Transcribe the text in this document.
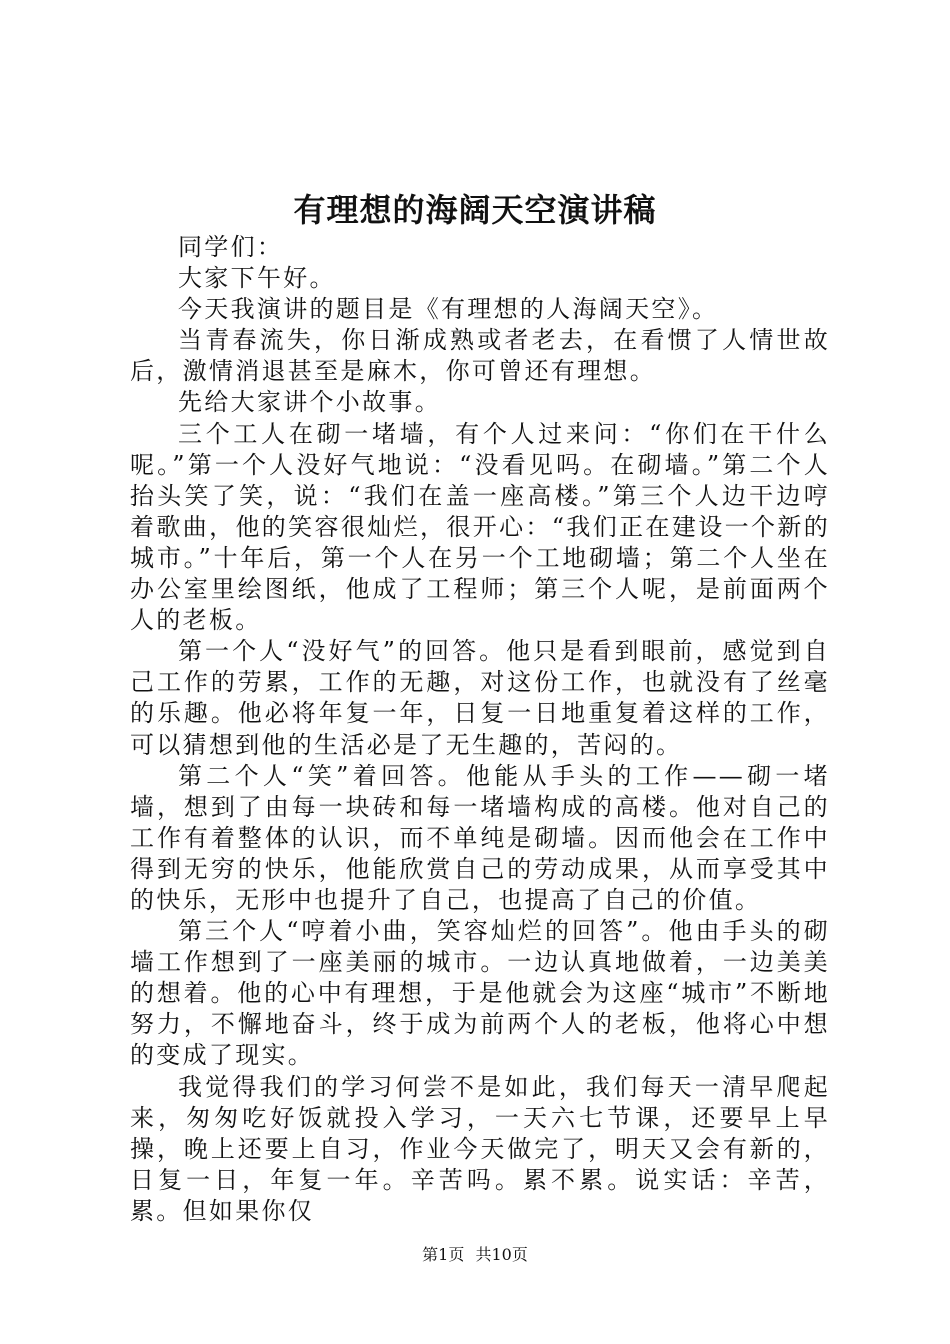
有理想的海阔天空演讲稿

同学们：

大家下午好。

今天我演讲的题目是《有理想的人海阔天空》。

当青春流失，你日渐成熟或者老去，在看惯了人情世故后，激情消退甚至是麻木，你可曾还有理想。

先给大家讲个小故事。

三个工人在砌一堵墙，有个人过来问：“你们在干什么呢。”第一个人没好气地说：“没看见吗。在砌墙。”第二个人抬头笑了笑，说：“我们在盖一座高楼。”第三个人边干边哼着歌曲，他的笑容很灿烂，很开心：“我们正在建设一个新的城市。”十年后，第一个人在另一个工地砌墙；第二个人坐在办公室里绘图纸，他成了工程师；第三个人呢，是前面两个人的老板。

第一个人“没好气”的回答。他只是看到眼前，感觉到自己工作的劳累，工作的无趣，对这份工作，也就没有了丝毫的乐趣。他必将年复一年，日复一日地重复着这样的工作，可以猜想到他的生活必是了无生趣的，苦闷的。

第二个人“笑”着回答。他能从手头的工作——砌一堵墙，想到了由每一块砖和每一堵墙构成的高楼。他对自己的工作有着整体的认识，而不单纯是砌墙。因而他会在工作中得到无穷的快乐，他能欣赏自己的劳动成果，从而享受其中的快乐，无形中也提升了自己，也提高了自己的价值。

第三个人“哼着小曲，笑容灿烂的回答”。他由手头的砌墙工作想到了一座美丽的城市。一边认真地做着，一边美美的想着。他的心中有理想，于是他就会为这座“城市”不断地努力，不懈地奋斗，终于成为前两个人的老板，他将心中想的变成了现实。

我觉得我们的学习何尝不是如此，我们每天一清早爬起来，匆匆吃好饭就投入学习，一天六七节课，还要早上早操，晚上还要上自习，作业今天做完了，明天又会有新的，日复一日，年复一年。辛苦吗。累不累。说实话：辛苦，累。但如果你仅

第1页 共10页
